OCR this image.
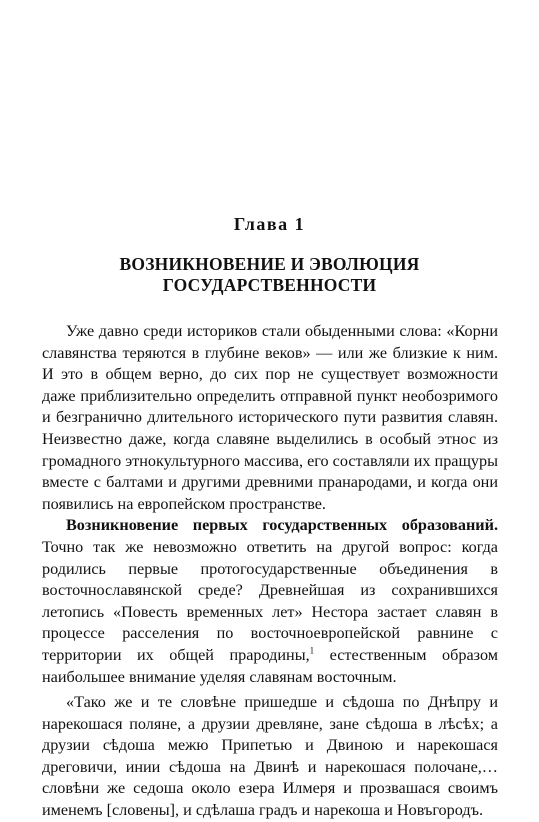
Глава 1
ВОЗНИКНОВЕНИЕ И ЭВОЛЮЦИЯ
ГОСУДАРСТВЕННОСТИ

Уже давно среди историков стали обыденными слова: «Корни славянства теряются в глубине веков» — или же близкие к ним. И это в общем верно, до сих пор не существует возможности даже приблизительно определить отправной пункт необозримого и безгранично длительного исторического пути развития славян. Неизвестно даже, когда славяне выделились в особый этнос из громадного этнокультурного массива, его составляли их пращуры вместе с балтами и другими древними пранародами, и когда они появились на европейском пространстве.

Возникновение первых государственных образований. Точно так же невозможно ответить на другой вопрос: когда родились первые протогосударственные объединения в восточнославянской среде? Древнейшая из сохранившихся летопись «Повесть временных лет» Нестора застает славян в процессе расселения по восточноевропейской равнине с территории их общей прародины,$^1$ естественным образом наибольшее внимание уделяя славянам восточным.

«Тако же и те словѣне пришедше и сѣдоша по Днѣпру и нарекошася поляне, а друзии древляне, зане сѣдоша в лѣсѣх; а друзии сѣдоша межю Припетью и Двиною и нарекошася дреговичи, инии сѣдоша на Двинѣ и нарекошася полочане,… словѣни же седоша около езера Илмеря и прозвашася своимъ именемъ [словены], и сдѣлаша градъ и нарекоша и Новъгородъ.
